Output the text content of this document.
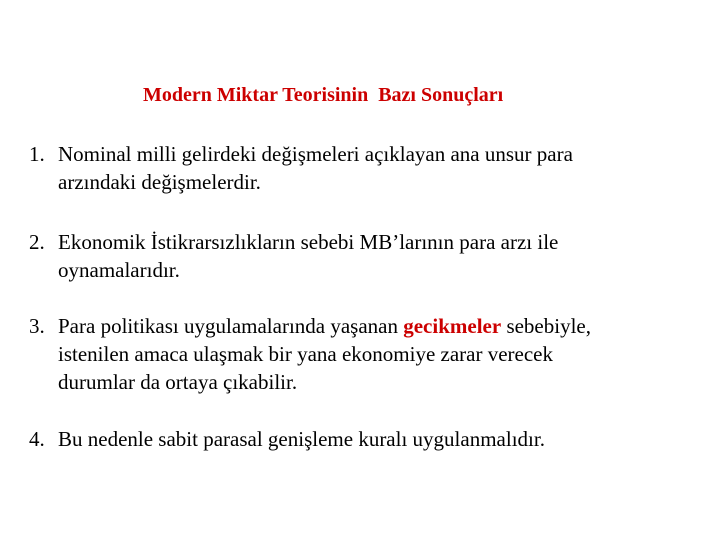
Modern Miktar Teorisinin  Bazı Sonuçları
1. Nominal milli gelirdeki değişmeleri açıklayan ana unsur para
arzındaki değişmelerdir.
2. Ekonomik İstikrarsızlıkların sebebi MB’larının para arzı ile
oynamalarıdır.
3. Para politikası uygulamalarında yaşanan gecikmeler sebebiyle,
istenilen amaca ulaşmak bir yana ekonomiye zarar verecek
durumlar da ortaya çıkabilir.
4. Bu nedenle sabit parasal genişleme kuralı uygulanmalıdır.
